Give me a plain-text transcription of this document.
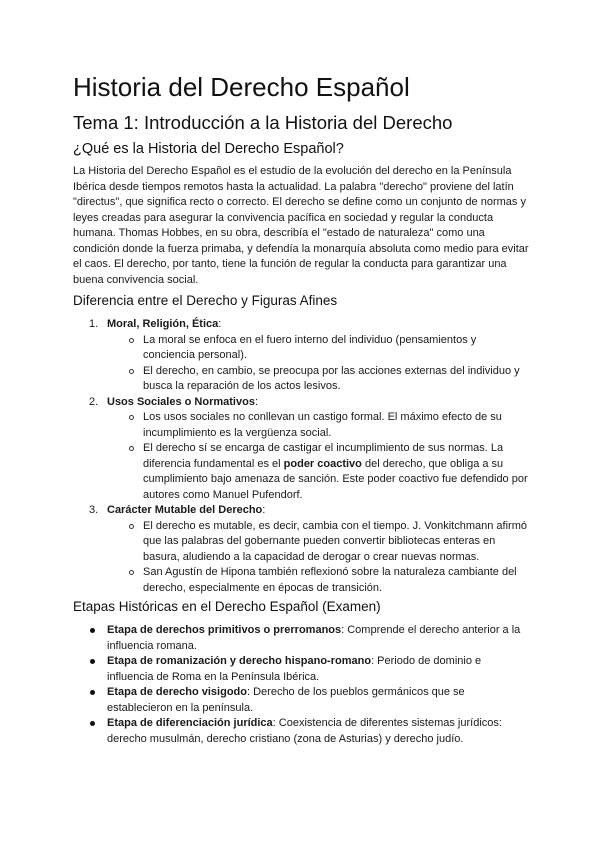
Historia del Derecho Español
Tema 1: Introducción a la Historia del Derecho
¿Qué es la Historia del Derecho Español?

La Historia del Derecho Español es el estudio de la evolución del derecho en la Península Ibérica desde tiempos remotos hasta la actualidad. La palabra "derecho" proviene del latín "directus", que significa recto o correcto. El derecho se define como un conjunto de normas y leyes creadas para asegurar la convivencia pacífica en sociedad y regular la conducta humana. Thomas Hobbes, en su obra, describía el "estado de naturaleza" como una condición donde la fuerza primaba, y defendía la monarquía absoluta como medio para evitar el caos. El derecho, por tanto, tiene la función de regular la conducta para garantizar una buena convivencia social.

Diferencia entre el Derecho y Figuras Afines
1. Moral, Religión, Ética:
La moral se enfoca en el fuero interno del individuo (pensamientos y conciencia personal).
El derecho, en cambio, se preocupa por las acciones externas del individuo y busca la reparación de los actos lesivos.
2. Usos Sociales o Normativos:
Los usos sociales no conllevan un castigo formal. El máximo efecto de su incumplimiento es la vergüenza social.
El derecho sí se encarga de castigar el incumplimiento de sus normas. La diferencia fundamental es el poder coactivo del derecho, que obliga a su cumplimiento bajo amenaza de sanción. Este poder coactivo fue defendido por autores como Manuel Pufendorf.
3. Carácter Mutable del Derecho:
El derecho es mutable, es decir, cambia con el tiempo. J. Vonkitchmann afirmó que las palabras del gobernante pueden convertir bibliotecas enteras en basura, aludiendo a la capacidad de derogar o crear nuevas normas.
San Agustín de Hipona también reflexionó sobre la naturaleza cambiante del derecho, especialmente en épocas de transición.
Etapas Históricas en el Derecho Español (Examen)
Etapa de derechos primitivos o prerromanos: Comprende el derecho anterior a la influencia romana.
Etapa de romanización y derecho hispano-romano: Periodo de dominio e influencia de Roma en la Península Ibérica.
Etapa de derecho visigodo: Derecho de los pueblos germánicos que se establecieron en la península.
Etapa de diferenciación jurídica: Coexistencia de diferentes sistemas jurídicos: derecho musulmán, derecho cristiano (zona de Asturias) y derecho judío.
